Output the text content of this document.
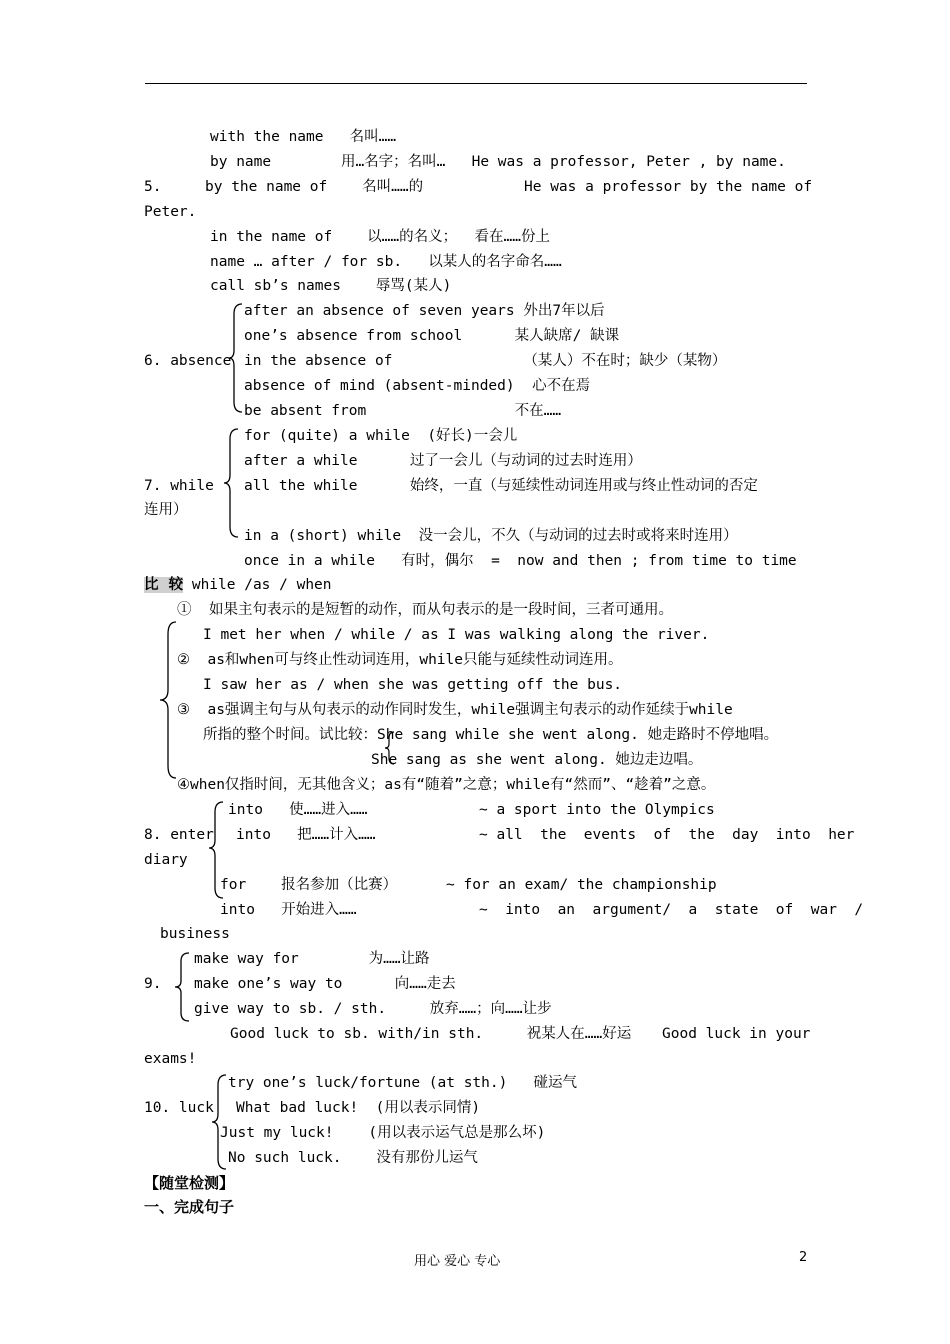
with the name   名叫……
by name        用…名字；名叫…   He was a professor, Peter , by name.
5.	by the name of    名叫……的	He was a professor by the name of
Peter.
in the name of    以……的名义；  看在……份上
name … after / for sb.   以某人的名字命名……
call sb’s names    辱骂(某人)
after an absence of seven years 外出7年以后
one’s absence from school      某人缺席/ 缺课
6. absence in the absence of               （某人）不在时；缺少（某物）
absence of mind (absent-minded)  心不在焉
be absent from                 不在……
for (quite) a while  (好长)一会儿
after a while      过了一会儿（与动词的过去时连用）
7. while all the while      始终，一直（与延续性动词连用或与终止性动词的否定
连用）
in a (short) while  没一会儿，不久（与动词的过去时或将来时连用）
once in a while   有时，偶尔  =  now and then ; from time to time
比  较 while /as / when
①  如果主句表示的是短暂的动作，而从句表示的是一段时间，三者可通用。
I met her when / while / as I was walking along the river.
②  as和when可与终止性动词连用，while只能与延续性动词连用。
I saw her as / when she was getting off the bus.
③  as强调主句与从句表示的动作同时发生，while强调主句表示的动作延续于while
所指的整个时间。试比较：She sang while she went along. 她走路时不停地唱。
She sang as she went along. 她边走边唱。
④when仅指时间，无其他含义；as有“随着”之意；while有“然而”、“趁着”之意。
into   使……进入……	~ a sport into the Olympics
8. enter into   把……计入……	~ all  the  events  of  the  day  into  her
diary
for    报名参加（比赛）	~ for an exam/ the championship
into   开始进入……	~  into  an  argument/  a  state  of  war  /
business
make way for        为……让路
9. make one’s way to      向……走去
give way to sb. / sth.     放弃……；向……让步
Good luck to sb. with/in sth.     祝某人在……好运 Good luck in your
exams!
try one’s luck/fortune (at sth.)   碰运气
10. luck What bad luck!  (用以表示同情)
Just my luck!    (用以表示运气总是那么坏)
No such luck.    没有那份儿运气
【随堂检测】
一、完成句子
用心 爱心 专心	2
